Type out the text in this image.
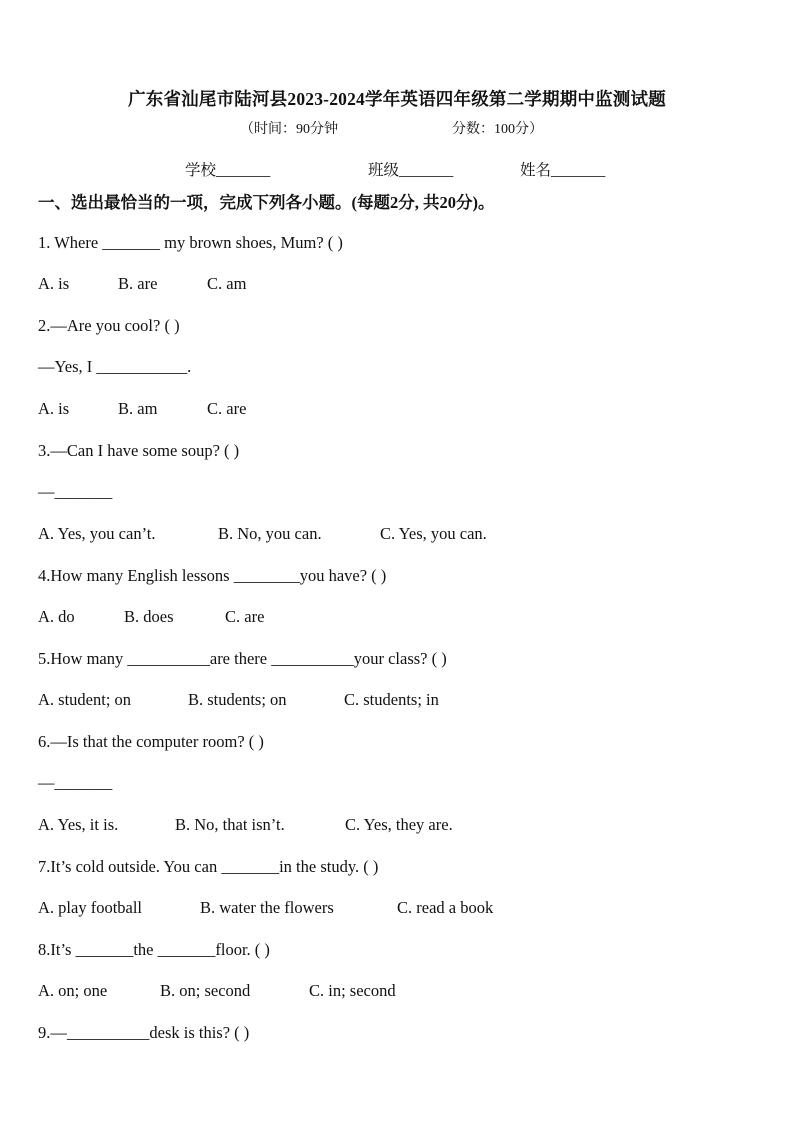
广东省汕尾市陆河县2023-2024学年英语四年级第二学期期中监测试题
（时间：90分钟	分数：100分）
学校_______	班级_______	姓名_______
一、选出最恰当的一项，完成下列各小题。(每题2分, 共20分)。
1. Where _______ my brown shoes, Mum? ( )
A. is	B. are	C. am
2.—Are you cool? ( )
—Yes, I ___________.
A. is	B. am	C. are
3.—Can I have some soup? ( )
—_______
A. Yes, you can’t.	B. No, you can.	C. Yes, you can.
4.How many English lessons ________you have? ( )
A. do	B. does	C. are
5.How many __________are there __________your class? ( )
A. student; on	B. students; on	C. students; in
6.—Is that the computer room? ( )
—_______
A. Yes, it is.	B. No, that isn’t.	C. Yes, they are.
7.It’s cold outside. You can _______in the study. ( )
A. play football	B. water the flowers	C. read a book
8.It’s _______the _______floor. ( )
A. on; one	B. on; second	C. in; second
9.—__________desk is this? ( )
